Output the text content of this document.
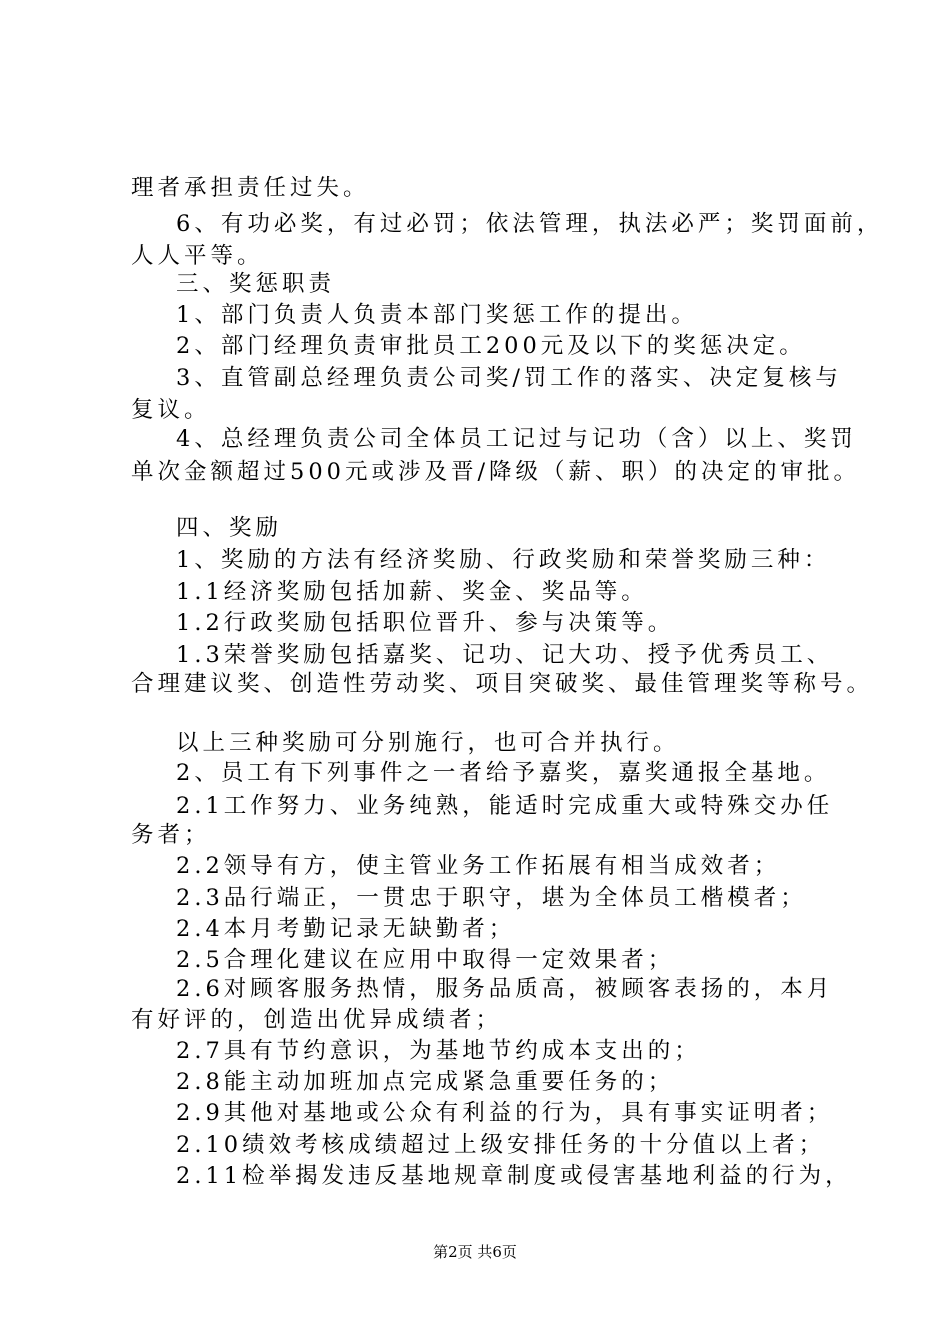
理者承担责任过失。
6、有功必奖，有过必罚；依法管理，执法必严；奖罚面前，
人人平等。
三、奖惩职责
1、部门负责人负责本部门奖惩工作的提出。
2、部门经理负责审批员工200元及以下的奖惩决定。
3、直管副总经理负责公司奖/罚工作的落实、决定复核与
复议。
4、总经理负责公司全体员工记过与记功（含）以上、奖罚
单次金额超过500元或涉及晋/降级（薪、职）的决定的审批。
四、奖励
1、奖励的方法有经济奖励、行政奖励和荣誉奖励三种：
1.1经济奖励包括加薪、奖金、奖品等。
1.2行政奖励包括职位晋升、参与决策等。
1.3荣誉奖励包括嘉奖、记功、记大功、授予优秀员工、
合理建议奖、创造性劳动奖、项目突破奖、最佳管理奖等称号。
以上三种奖励可分别施行，也可合并执行。
2、员工有下列事件之一者给予嘉奖，嘉奖通报全基地。
2.1工作努力、业务纯熟，能适时完成重大或特殊交办任
务者；
2.2领导有方，使主管业务工作拓展有相当成效者；
2.3品行端正，一贯忠于职守，堪为全体员工楷模者；
2.4本月考勤记录无缺勤者；
2.5合理化建议在应用中取得一定效果者；
2.6对顾客服务热情，服务品质高，被顾客表扬的，本月
有好评的，创造出优异成绩者；
2.7具有节约意识，为基地节约成本支出的；
2.8能主动加班加点完成紧急重要任务的；
2.9其他对基地或公众有利益的行为，具有事实证明者；
2.10绩效考核成绩超过上级安排任务的十分值以上者；
2.11检举揭发违反基地规章制度或侵害基地利益的行为，
第2页 共6页
